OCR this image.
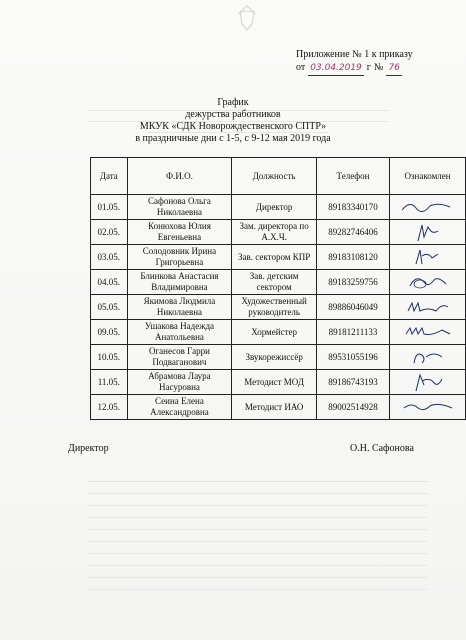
Приложение № 1 к приказу
от 03.04.2019 г № 76
График
дежурства работников
МКУК «СДК Новорождественского СПТР»
в праздничные дни с 1-5, с 9-12 мая 2019 года
Дата	Ф.И.О.	Должность	Телефон	Ознакомлен
01.05.	Сафонова Ольга Николаевна	Директор	89183340170	

02.05.	Конюхова Юлия Евгеньевна	Зам. директора по А.Х.Ч.	89282746406	

03.05.	Солодовник Ирина Григорьевна	Зав. сектором КПР	89183108120	

04.05.	Блинкова Анастасия Владимировна	Зав. детским сектором	89183259756	

05.05.	Якимова Людмила Николаевна	Художественный руководитель	89886046049	

09.05.	Ушакова Надежда Анатольевна	Хормейстер	89181211133	

10.05.	Оганесов Гарри Подваганович	Звукорежиссёр	89531055196	

11.05.	Абрамова Лаура Насуровна	Методист МОД	89186743193	

12.05.	Сеина Елена Александровна	Методист ИАО	89002514928	
Директор	О.Н. Сафонова
